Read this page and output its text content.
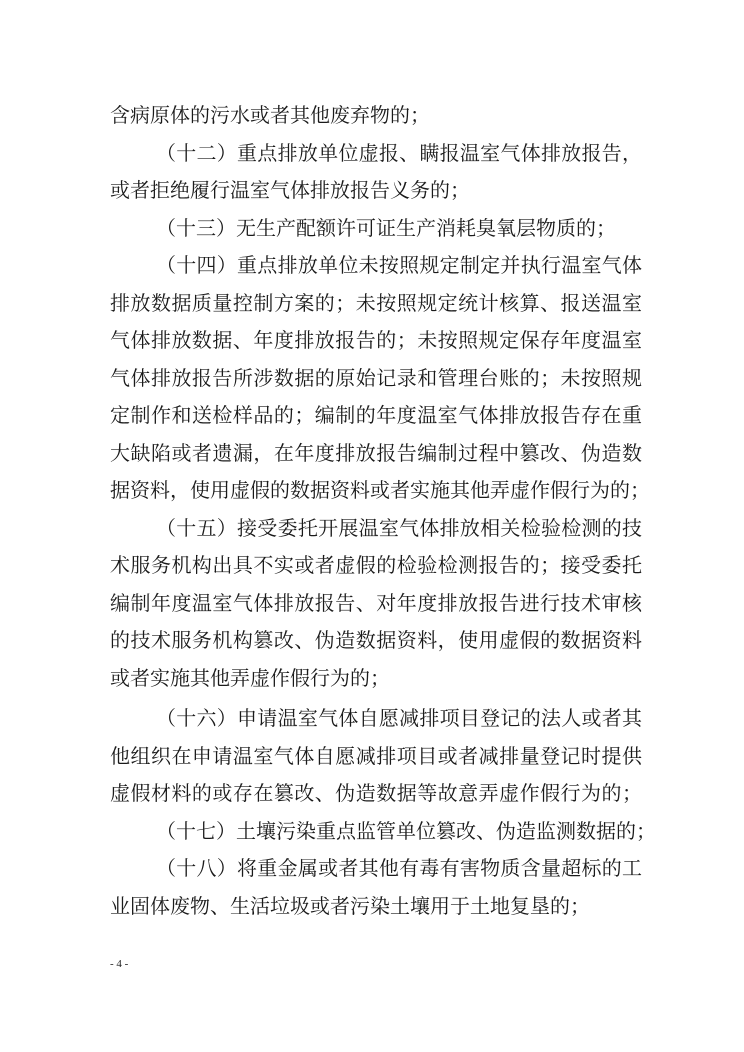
含病原体的污水或者其他废弃物的；
（十二）重点排放单位虚报、瞒报温室气体排放报告，
或者拒绝履行温室气体排放报告义务的；
（十三）无生产配额许可证生产消耗臭氧层物质的；
（十四）重点排放单位未按照规定制定并执行温室气体
排放数据质量控制方案的；未按照规定统计核算、报送温室
气体排放数据、年度排放报告的；未按照规定保存年度温室
气体排放报告所涉数据的原始记录和管理台账的；未按照规
定制作和送检样品的；编制的年度温室气体排放报告存在重
大缺陷或者遗漏，在年度排放报告编制过程中篡改、伪造数
据资料，使用虚假的数据资料或者实施其他弄虚作假行为的；
（十五）接受委托开展温室气体排放相关检验检测的技
术服务机构出具不实或者虚假的检验检测报告的；接受委托
编制年度温室气体排放报告、对年度排放报告进行技术审核
的技术服务机构篡改、伪造数据资料，使用虚假的数据资料
或者实施其他弄虚作假行为的；
（十六）申请温室气体自愿减排项目登记的法人或者其
他组织在申请温室气体自愿减排项目或者减排量登记时提供
虚假材料的或存在篡改、伪造数据等故意弄虚作假行为的；
（十七）土壤污染重点监管单位篡改、伪造监测数据的；
（十八）将重金属或者其他有毒有害物质含量超标的工
业固体废物、生活垃圾或者污染土壤用于土地复垦的；
- 4 -
